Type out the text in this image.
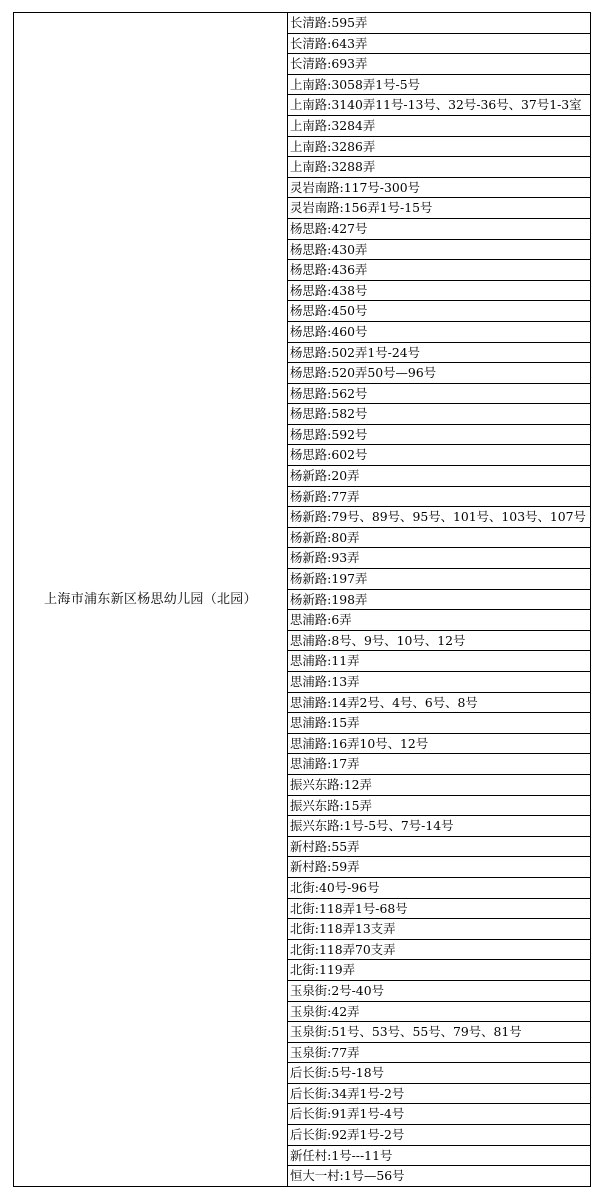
上海市浦东新区杨思幼儿园（北园）	长清路:595弄
长清路:643弄
长清路:693弄
上南路:3058弄1号-5号
上南路:3140弄11号-13号、32号-36号、37号1-3室
上南路:3284弄
上南路:3286弄
上南路:3288弄
灵岩南路:117号-300号
灵岩南路:156弄1号-15号
杨思路:427号
杨思路:430弄
杨思路:436弄
杨思路:438号
杨思路:450号
杨思路:460号
杨思路:502弄1号-24号
杨思路:520弄50号—96号
杨思路:562号
杨思路:582号
杨思路:592号
杨思路:602号
杨新路:20弄
杨新路:77弄
杨新路:79号、89号、95号、101号、103号、107号
杨新路:80弄
杨新路:93弄
杨新路:197弄
杨新路:198弄
思浦路:6弄
思浦路:8号、9号、10号、12号
思浦路:11弄
思浦路:13弄
思浦路:14弄2号、4号、6号、8号
思浦路:15弄
思浦路:16弄10号、12号
思浦路:17弄
振兴东路:12弄
振兴东路:15弄
振兴东路:1号-5号、7号-14号
新村路:55弄
新村路:59弄
北街:40号-96号
北街:118弄1号-68号
北街:118弄13支弄
北街:118弄70支弄
北街:119弄
玉泉街:2号-40号
玉泉街:42弄
玉泉街:51号、53号、55号、79号、81号
玉泉街:77弄
后长街:5号-18号
后长街:34弄1号-2号
后长街:91弄1号-4号
后长街:92弄1号-2号
新任村:1号---11号
恒大一村:1号—56号
